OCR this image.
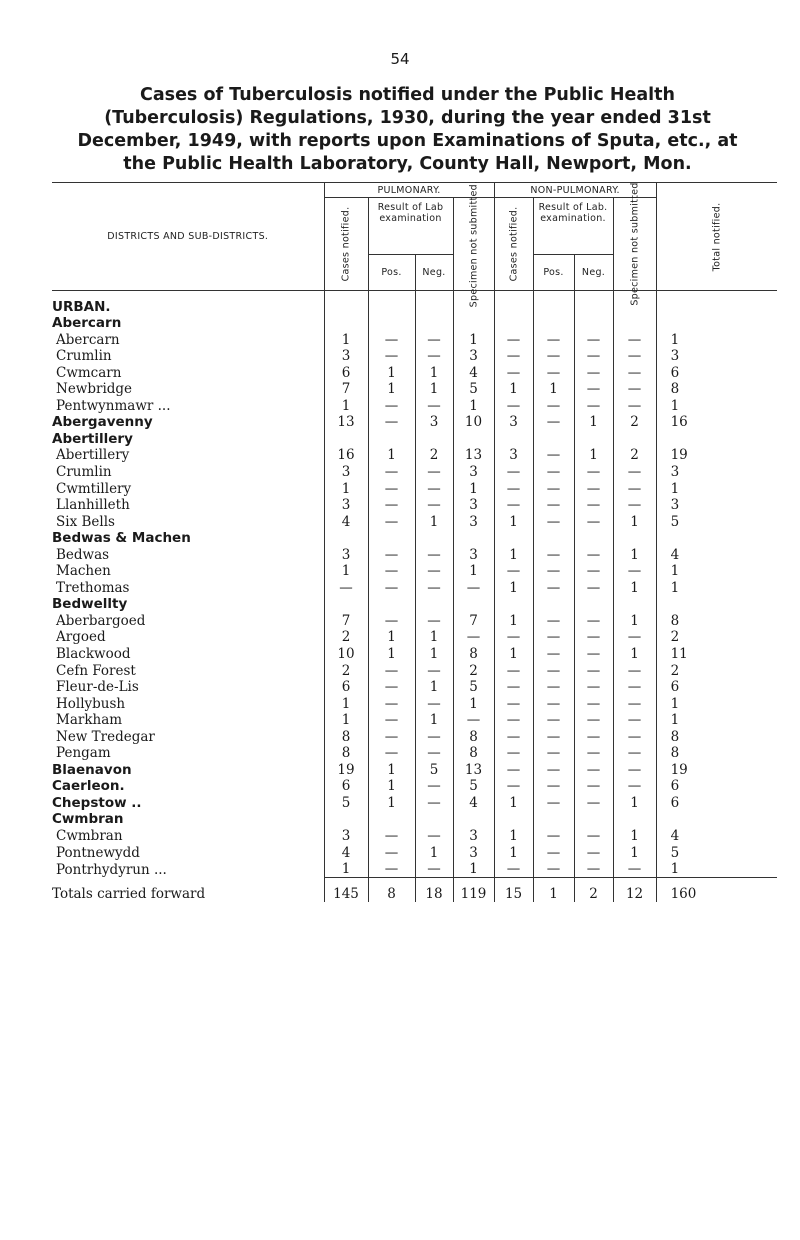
54
Cases of Tuberculosis notified under the Public Health (Tuberculosis) Regulations, 1930, during the year ended 31st December, 1949, with reports upon Examinations of Sputa, etc., at the Public Health Laboratory, County Hall, Newport, Mon.
DISTRICTS AND SUB-DISTRICTS.	PULMONARY.				NON-PULMONARY.				Total notified.

	Cases notified.	Result of Lab examination		Specimen not submitted.	Cases notified.	Result of Lab. examination.		Specimen not submitted	

		Pos.	Neg.			Pos.	Neg.		
URBAN.									
Abercarn									
Abercarn	1	—	—	1	—	—	—	—	1
Crumlin	3	—	—	3	—	—	—	—	3
Cwmcarn	6	1	1	4	—	—	—	—	6
Newbridge	7	1	1	5	1	1	—	—	8
Pentwynmawr ...	1	—	—	1	—	—	—	—	1
Abergavenny	13	—	3	10	3	—	1	2	16
Abertillery									
Abertillery	16	1	2	13	3	—	1	2	19
Crumlin	3	—	—	3	—	—	—	—	3
Cwmtillery	1	—	—	1	—	—	—	—	1
Llanhilleth	3	—	—	3	—	—	—	—	3
Six Bells	4	—	1	3	1	—	—	1	5
Bedwas & Machen									
Bedwas	3	—	—	3	1	—	—	1	4
Machen	1	—	—	1	—	—	—	—	1
Trethomas	—	—	—	—	1	—	—	1	1
Bedwellty									
Aberbargoed	7	—	—	7	1	—	—	1	8
Argoed	2	1	1	—	—	—	—	—	2
Blackwood	10	1	1	8	1	—	—	1	11
Cefn Forest	2	—	—	2	—	—	—	—	2
Fleur-de-Lis	6	—	1	5	—	—	—	—	6
Hollybush	1	—	—	1	—	—	—	—	1
Markham	1	—	1	—	—	—	—	—	1
New Tredegar	8	—	—	8	—	—	—	—	8
Pengam	8	—	—	8	—	—	—	—	8
Blaenavon	19	1	5	13	—	—	—	—	19
Caerleon.	6	1	—	5	—	—	—	—	6
Chepstow ..	5	1	—	4	1	—	—	1	6
Cwmbran									
Cwmbran	3	—	—	3	1	—	—	1	4
Pontnewydd	4	—	1	3	1	—	—	1	5
Pontrhydyrun ...	1	—	—	1	—	—	—	—	1
Totals carried forward	145	8	18	119	15	1	2	12	160
